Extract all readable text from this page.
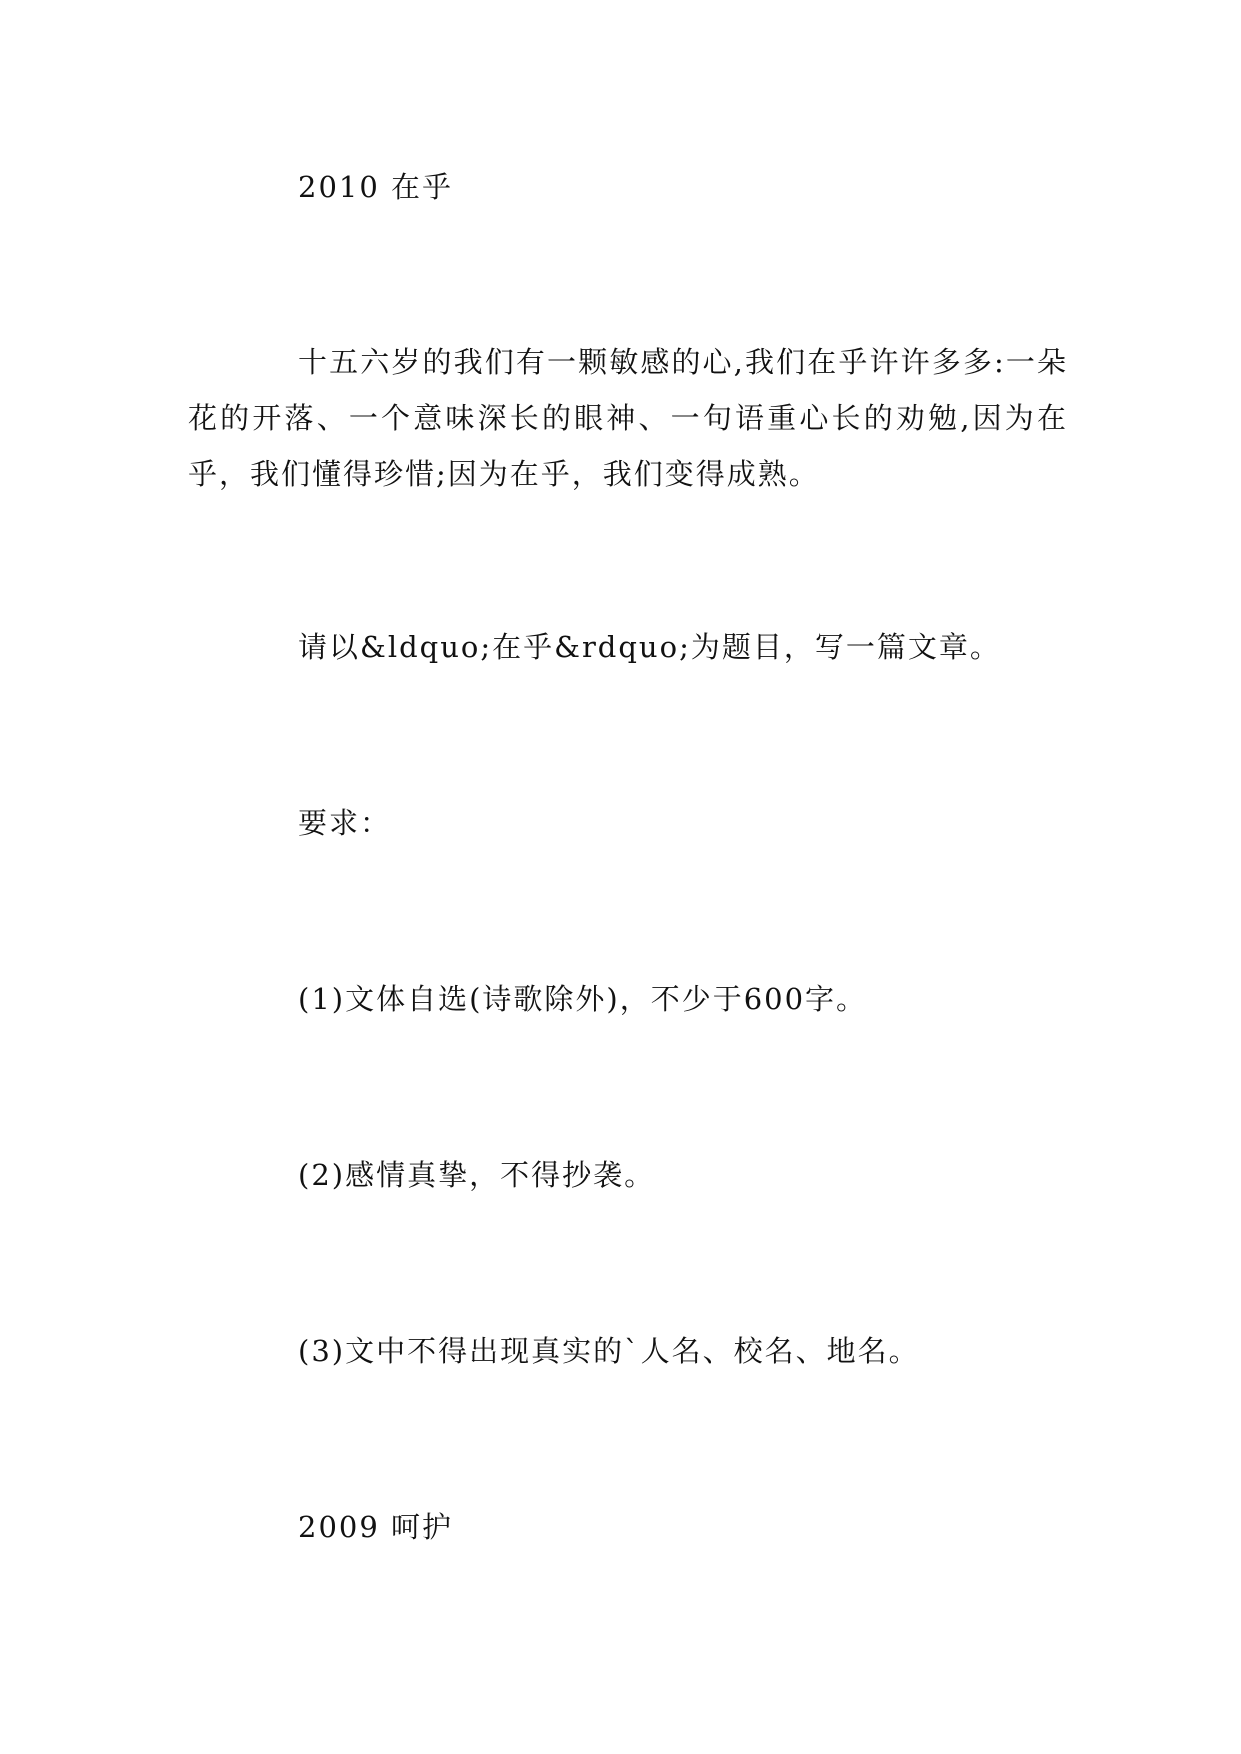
2010 在乎
十五六岁的我们有一颗敏感的心,我们在乎许许多多:一朵花的开落、一个意味深长的眼神、一句语重心长的劝勉,因为在乎，我们懂得珍惜;因为在乎，我们变得成熟。
请以&ldquo;在乎&rdquo;为题目，写一篇文章。
要求：
(1)文体自选(诗歌除外)，不少于600字。
(2)感情真挚，不得抄袭。
(3)文中不得出现真实的`人名、校名、地名。
2009 呵护
